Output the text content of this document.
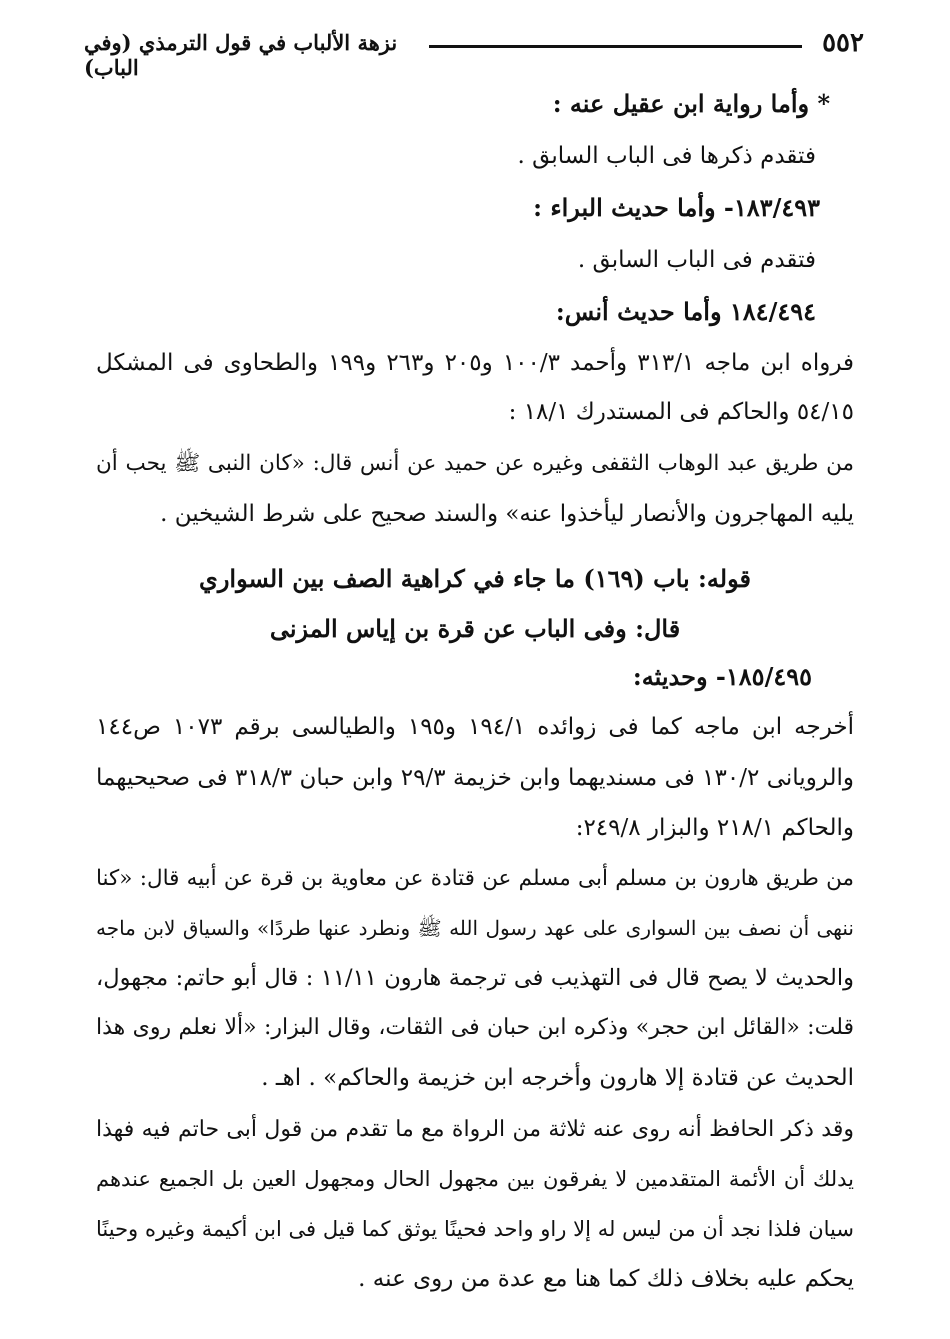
٥٥٢
نزهة الألباب في قول الترمذي (وفي الباب)
* وأما رواية ابن عقيل عنه :
فتقدم ذكرها فى الباب السابق .
١٨٣/٤٩٣- وأما حديث البراء :
فتقدم فى الباب السابق .
١٨٤/٤٩٤ وأما حديث أنس:
فرواه ابن ماجه ٣١٣/١ وأحمد ١٠٠/٣ و٢٠٥ و٢٦٣ و١٩٩ والطحاوى فى المشكل
٥٤/١٥ والحاكم فى المستدرك ١٨/١ :
من طريق عبد الوهاب الثقفى وغيره عن حميد عن أنس قال: «كان النبى ﷺ يحب أن
يليه المهاجرون والأنصار ليأخذوا عنه» والسند صحيح على شرط الشيخين .
قوله: باب (١٦٩) ما جاء في كراهية الصف بين السواري
قال: وفى الباب عن قرة بن إياس المزنى
١٨٥/٤٩٥- وحديثه:
أخرجه ابن ماجه كما فى زوائده ١٩٤/١ و١٩٥ والطيالسى برقم ١٠٧٣ ص١٤٤
والرويانى ١٣٠/٢ فى مسنديهما وابن خزيمة ٢٩/٣ وابن حبان ٣١٨/٣ فى صحيحيهما
والحاكم ٢١٨/١ والبزار ٢٤٩/٨:
من طريق هارون بن مسلم أبى مسلم عن قتادة عن معاوية بن قرة عن أبيه قال: «كنا
ننهى أن نصف بين السوارى على عهد رسول الله ﷺ ونطرد عنها طردًا» والسياق لابن ماجه
والحديث لا يصح قال فى التهذيب فى ترجمة هارون ١١/١١ : قال أبو حاتم: مجهول،
قلت: «القائل ابن حجر» وذكره ابن حبان فى الثقات، وقال البزار: «ألا نعلم روى هذا
الحديث عن قتادة إلا هارون وأخرجه ابن خزيمة والحاكم» . اهـ .
وقد ذكر الحافظ أنه روى عنه ثلاثة من الرواة مع ما تقدم من قول أبى حاتم فيه فهذا
يدلك أن الأئمة المتقدمين لا يفرقون بين مجهول الحال ومجهول العين بل الجميع عندهم
سيان فلذا نجد أن من ليس له إلا راو واحد فحينًا يوثق كما قيل فى ابن أكيمة وغيره وحينًا
يحكم عليه بخلاف ذلك كما هنا مع عدة من روى عنه .
